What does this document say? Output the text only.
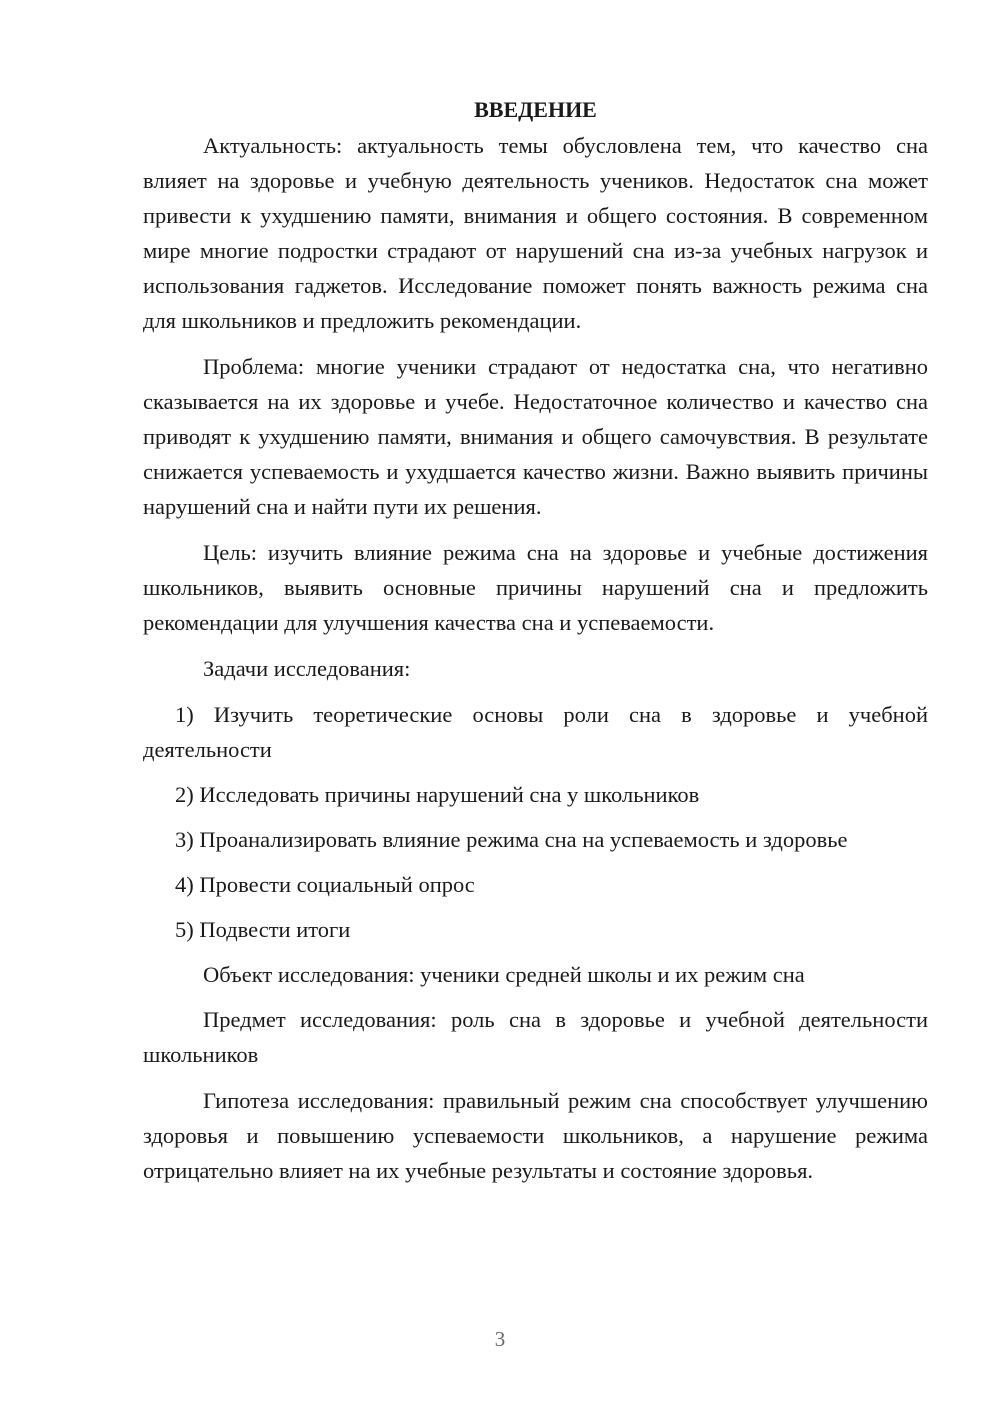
ВВЕДЕНИЕ

Актуальность: актуальность темы обусловлена тем, что качество сна влияет на здоровье и учебную деятельность учеников. Недостаток сна может привести к ухудшению памяти, внимания и общего состояния. В современном мире многие подростки страдают от нарушений сна из-за учебных нагрузок и использования гаджетов. Исследование поможет понять важность режима сна для школьников и предложить рекомендации.

Проблема: многие ученики страдают от недостатка сна, что негативно сказывается на их здоровье и учебе. Недостаточное количество и качество сна приводят к ухудшению памяти, внимания и общего самочувствия. В результате снижается успеваемость и ухудшается качество жизни. Важно выявить причины нарушений сна и найти пути их решения.

Цель: изучить влияние режима сна на здоровье и учебные достижения школьников, выявить основные причины нарушений сна и предложить рекомендации для улучшения качества сна и успеваемости.

Задачи исследования:

1) Изучить теоретические основы роли сна в здоровье и учебной деятельности

2) Исследовать причины нарушений сна у школьников

3) Проанализировать влияние режима сна на успеваемость и здоровье

4) Провести социальный опрос

5) Подвести итоги

Объект исследования: ученики средней школы и их режим сна

Предмет исследования: роль сна в здоровье и учебной деятельности школьников

Гипотеза исследования: правильный режим сна способствует улучшению здоровья и повышению успеваемости школьников, а нарушение режима отрицательно влияет на их учебные результаты и состояние здоровья.

3
